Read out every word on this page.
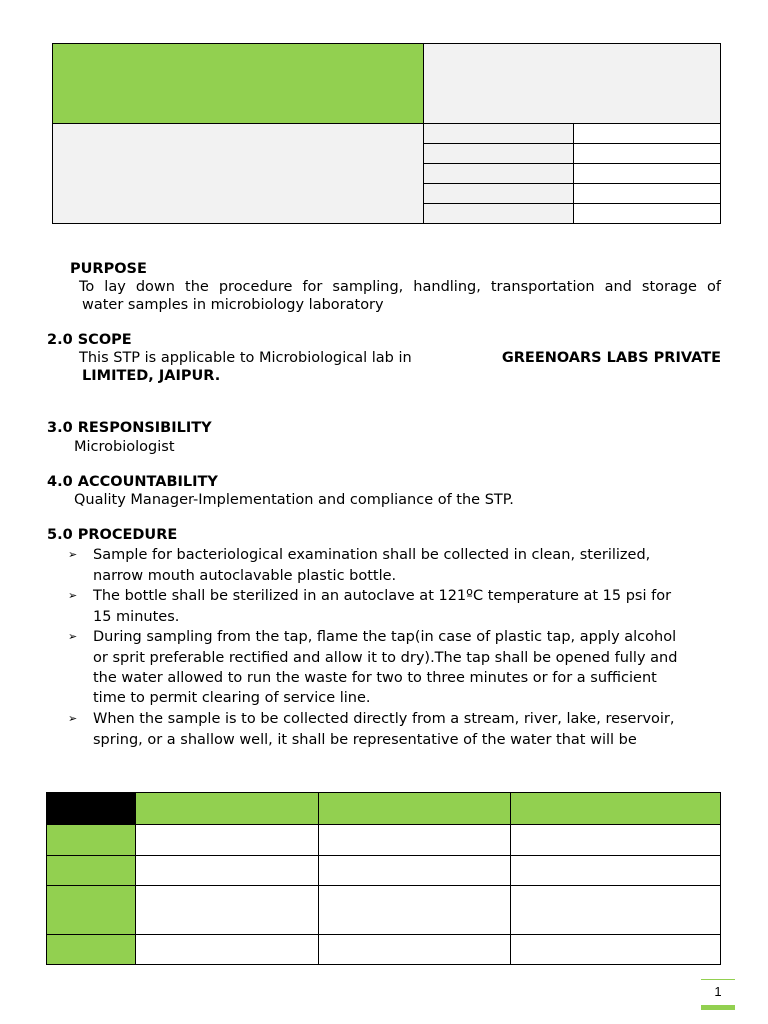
PURPOSE
To lay down the procedure for sampling, handling, transportation and storage of
water samples in microbiology laboratory
2.0 SCOPE
This STP is applicable to Microbiological lab in	GREENOARS LABS PRIVATE
LIMITED, JAIPUR.
3.0 RESPONSIBILITY
Microbiologist
4.0 ACCOUNTABILITY
Quality Manager-Implementation and compliance of the STP.
5.0 PROCEDURE
➢ Sample for bacteriological examination shall be collected in clean, sterilized,
narrow mouth autoclavable plastic bottle.
➢ The bottle shall be sterilized in an autoclave at 121ºC temperature at 15 psi for
15 minutes.
➢ During sampling from the tap, flame the tap(in case of plastic tap, apply alcohol
or sprit preferable rectified and allow it to dry).The tap shall be opened fully and
the water allowed to run the waste for two to three minutes or for a sufficient
time to permit clearing of service line.
➢ When the sample is to be collected directly from a stream, river, lake, reservoir,
spring, or a shallow well, it shall be representative of the water that will be

1
